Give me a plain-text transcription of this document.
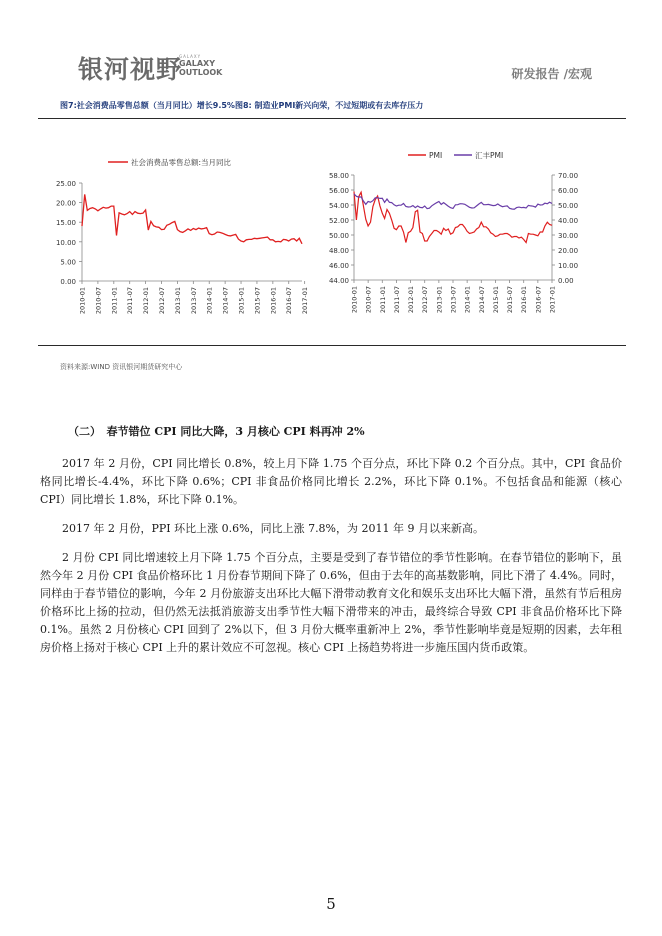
银河视野
GALAXY
GALAXY
OUTLOOK	研发报告 /宏观
图7:社会消费品零售总额（当月同比）增长9.5%图8: 制造业PMI新兴向荣，不过短期或有去库存压力
社会消费品零售总额:当月同比
0.00
5.00
10.00
15.00
20.00
25.00
2010-01 2010-07 2011-01 2011-07 2012-01 2012-07 2013-01 2013-07 2014-01 2014-07 2015-01 2015-07 2016-01 2016-07 2017-01
PMI	汇丰PMI
44.00
46.00
48.00
50.00
52.00
54.00
56.00
58.00
0.00
10.00
20.00
30.00
40.00
50.00
60.00
70.00
2010-01 2010-07 2011-01 2011-07 2012-01 2012-07 2013-01 2013-07 2014-01 2014-07 2015-01 2015-07 2016-01 2016-07 2017-01
资料来源:WIND 资讯银河期货研究中心
（二）　春节错位 CPI 同比大降，3 月核心 CPI 料再冲 2%
2017 年 2 月份，CPI 同比增长 0.8%，较上月下降 1.75 个百分点，环比下降 0.2 个百分点。其中，CPI 食品价格同比增长-4.4%，环比下降 0.6%；CPI 非食品价格同比增长 2.2%，环比下降 0.1%。不包括食品和能源（核心 CPI）同比增长 1.8%，环比下降 0.1%。
2017 年 2 月份，PPI 环比上涨 0.6%，同比上涨 7.8%，为 2011 年 9 月以来新高。
2 月份 CPI 同比增速较上月下降 1.75 个百分点，主要是受到了春节错位的季节性影响。在春节错位的影响下，虽然今年 2 月份 CPI 食品价格环比 1 月份春节期间下降了 0.6%，但由于去年的高基数影响，同比下滑了 4.4%。同时，同样由于春节错位的影响，今年 2 月份旅游支出环比大幅下滑带动教育文化和娱乐支出环比大幅下滑，虽然有节后租房价格环比上扬的拉动，但仍然无法抵消旅游支出季节性大幅下滑带来的冲击，最终综合导致 CPI 非食品价格环比下降 0.1%。虽然 2 月份核心 CPI 回到了 2%以下，但 3 月份大概率重新冲上 2%，季节性影响毕竟是短期的因素，去年租房价格上扬对于核心 CPI 上升的累计效应不可忽视。核心 CPI 上扬趋势将进一步施压国内货币政策。
5
